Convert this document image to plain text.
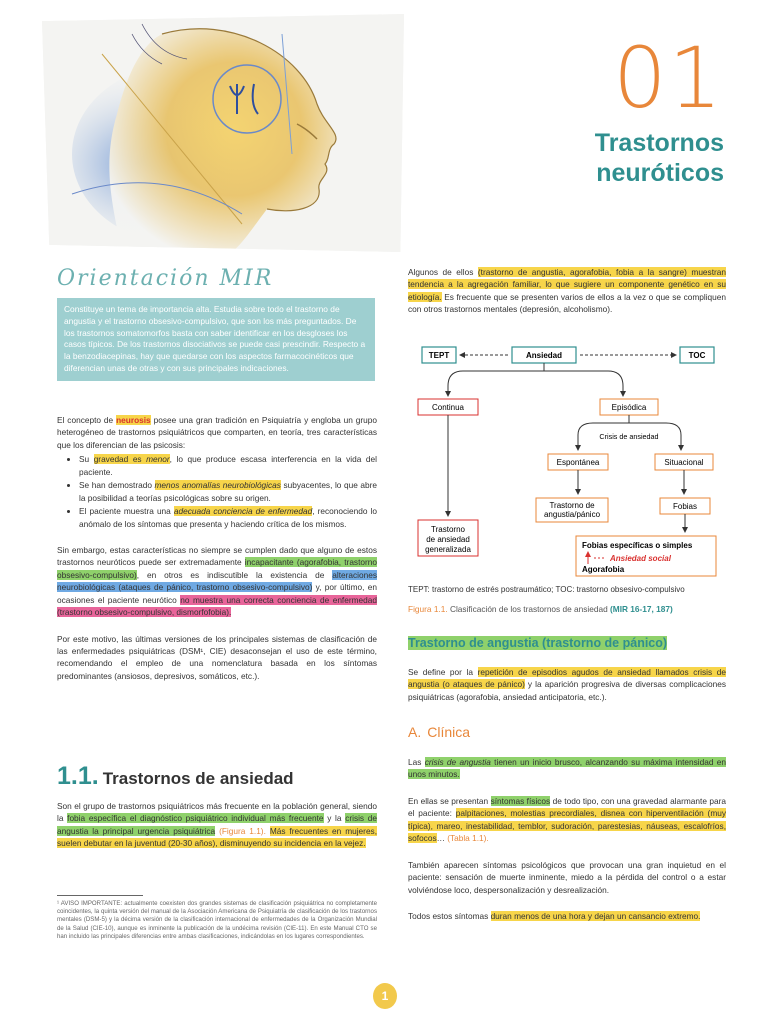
01
Trastornos
neuróticos
Orientación MIR
Constituye un tema de importancia alta. Estudia sobre todo el trastorno de angustia y el trastorno obsesivo-compulsivo, que son los más preguntados. De los trastornos somatomorfos basta con saber identificar en los desgloses los casos típicos. De los trastornos disociativos se puede casi prescindir. Respecto a la benzodiacepinas, hay que quedarse con los aspectos farmacocinéticos que diferencian unas de otras y con sus principales indicaciones.

El concepto de neurosis posee una gran tradición en Psiquiatría y engloba un grupo heterogéneo de trastornos psiquiátricos que comparten, en teoría, tres características que los diferencian de las psicosis:

• Su gravedad es menor, lo que produce escasa interferencia en la vida del paciente.
• Se han demostrado menos anomalías neurobiológicas subyacentes, lo que abre la posibilidad a teorías psicológicas sobre su origen.
• El paciente muestra una adecuada conciencia de enfermedad, reconociendo lo anómalo de los síntomas que presenta y haciendo crítica de los mismos.

Sin embargo, estas características no siempre se cumplen dado que alguno de estos trastornos neuróticos puede ser extremadamente incapacitante (agorafobia, trastorno obsesivo-compulsivo), en otros es indiscutible la existencia de alteraciones neurobiológicas (ataques de pánico, trastorno obsesivo-compulsivo) y, por último, en ocasiones el paciente neurótico no muestra una correcta conciencia de enfermedad (trastorno obsesivo-compulsivo, dismorfofobia).

Por este motivo, las últimas versiones de los principales sistemas de clasificación de las enfermedades psiquiátricas (DSM¹, CIE) desaconsejan el uso de este término, recomendando el empleo de una nomenclatura basada en los síntomas predominantes (ansiosos, depresivos, somáticos, etc.).

1.1. Trastornos de ansiedad

Son el grupo de trastornos psiquiátricos más frecuente en la población general, siendo la fobia específica el diagnóstico psiquiátrico individual más frecuente y la crisis de angustia la principal urgencia psiquiátrica (Figura 1.1). Más frecuentes en mujeres, suelen debutar en la juventud (20-30 años), disminuyendo su incidencia en la vejez.

¹ AVISO IMPORTANTE: actualmente coexisten dos grandes sistemas de clasificación psiquiátrica no completamente coincidentes, la quinta versión del manual de la Asociación Americana de Psiquiatría de clasificación de los trastornos mentales (DSM-5) y la décima versión de la clasificación internacional de enfermedades de la Organización Mundial de la Salud (CIE-10), aunque es inminente la publicación de la undécima revisión (CIE-11). En este Manual CTO se han incluido las principales diferencias entre ambas clasificaciones, indicándolas en los lugares correspondientes.

Algunos de ellos (trastorno de angustia, agorafobia, fobia a la sangre) muestran tendencia a la agregación familiar, lo que sugiere un componente genético en su etiología. Es frecuente que se presenten varios de ellos a la vez o que se compliquen con otros trastornos mentales (depresión, alcoholismo).

TEPT	Ansiedad	TOC
Continua	Episódica
Trastorno
de ansiedad
generalizada
Crisis de ansiedad
Espontánea	Situacional
Trastorno de
angustia/pánico
Fobias
Fobias específicas o simples
Ansiedad social
Agorafobia
TEPT: trastorno de estrés postraumático; TOC: trastorno obsesivo-compulsivo
Figura 1.1. Clasificación de los trastornos de ansiedad (MIR 16-17, 187)
Trastorno de angustia (trastorno de pánico)

Se define por la repetición de episodios agudos de ansiedad llamados crisis de angustia (o ataques de pánico) y la aparición progresiva de diversas complicaciones psiquiátricas (agorafobia, ansiedad anticipatoria, etc.).

A. Clínica

Las crisis de angustia tienen un inicio brusco, alcanzando su máxima intensidad en unos minutos.

En ellas se presentan síntomas físicos de todo tipo, con una gravedad alarmante para el paciente: palpitaciones, molestias precordiales, disnea con hiperventilación (muy típica), mareo, inestabilidad, temblor, sudoración, parestesias, náuseas, escalofríos, sofocos… (Tabla 1.1).

También aparecen síntomas psicológicos que provocan una gran inquietud en el paciente: sensación de muerte inminente, miedo a la pérdida del control o a estar volviéndose loco, despersonalización y desrealización.

Todos estos síntomas duran menos de una hora y dejan un cansancio extremo.

1
